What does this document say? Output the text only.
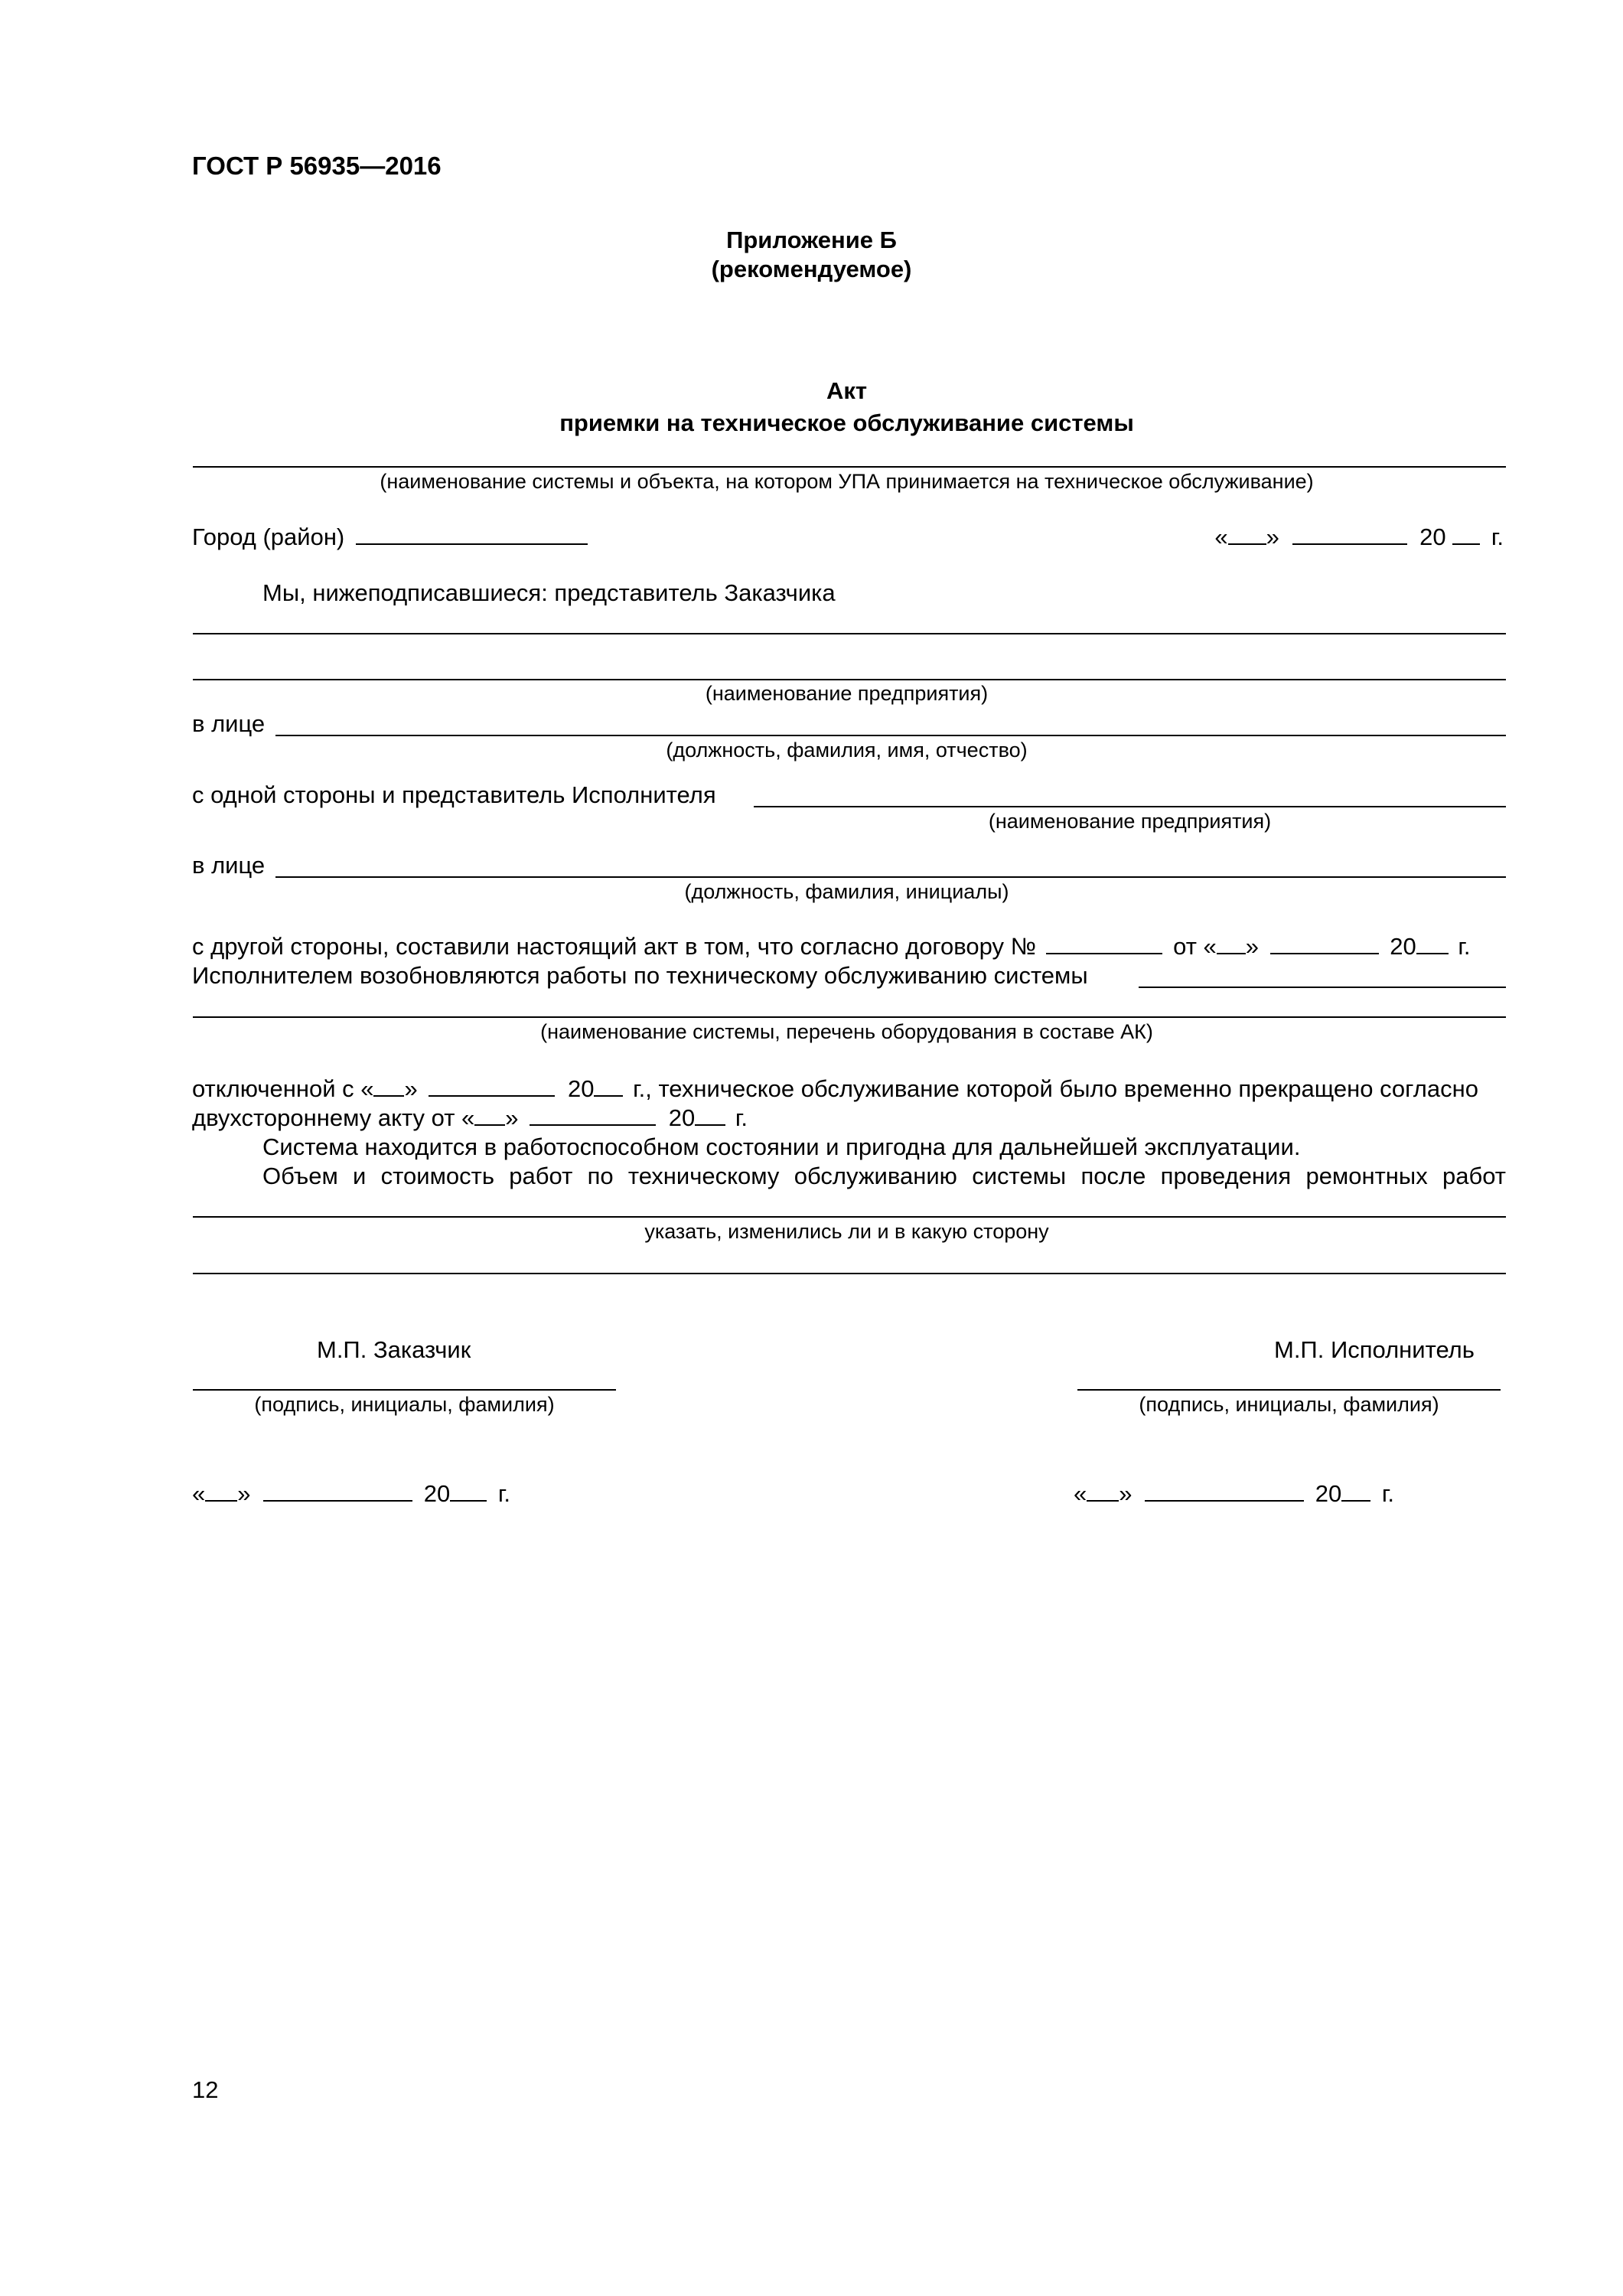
ГОСТ Р 56935—2016
Приложение Б
(рекомендуемое)
Акт
приемки на техническое обслуживание системы
(наименование системы и объекта, на котором УПА принимается на техническое обслуживание)
Город (район)	« »	20 г.
Мы, нижеподписавшиеся: представитель Заказчика
(наименование предприятия)
в лице
(должность, фамилия, имя, отчество)
с одной стороны и представитель Исполнителя
(наименование предприятия)
в лице
(должность, фамилия, инициалы)
с другой стороны, составили настоящий акт в том, что согласно договору №	от « »	20 г.
Исполнителем возобновляются работы по техническому обслуживанию системы
(наименование системы, перечень оборудования в составе АК)
отключенной с « »	20 г., техническое обслуживание которой было временно прекращено согласно
двухстороннему акту от « »	20 г.
Система находится в работоспособном состоянии и пригодна для дальнейшей эксплуатации.
Объем и стоимость работ по техническому обслуживанию системы после проведения ремонтных работ
указать, изменились ли и в какую сторону
М.П. Заказчик	М.П. Исполнитель
(подпись, инициалы, фамилия)	(подпись, инициалы, фамилия)
« »	20 г.	« »	20 г.
12
